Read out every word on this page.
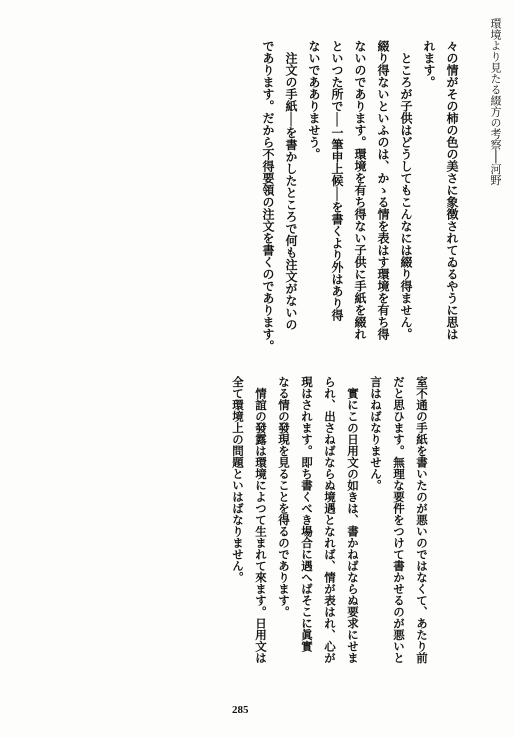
環境より見たる綴方の考察──河野

々の情がその柿の色の美さに象徴されてゐるやうに思は
れます。
　ところが子供はどうしてもこんなには綴り得ません。
綴り得ないといふのは、かゝる情を表はす環境を有ち得
ないのであります。環境を有ち得ない子供に手紙を綴れ
といつた所で──一筆申上候──を書くより外はあり得
ないであありませう。
　注文の手紙──を書かしたところで何も注文がないの
であります。だから不得要領の注文を書くのであります。

室不通の手紙を書いたのが悪いのではなくて、あたり前
だと思ひます。無理な要件をつけて書かせるのが悪いと
言はねばなりません。
　實にこの日用文の如きは、書かねばならぬ要求にせま
られ、出さねばならぬ境遇となれば、情が表はれ、心が
現はされます。即ち書くべき場合に遇へばそこに眞實
なる情の發現を見ることを得るのであります。
　情誼の發露は環境によつて生まれて來ます。日用文は
全て環境上の問題といはばなりません。
285
